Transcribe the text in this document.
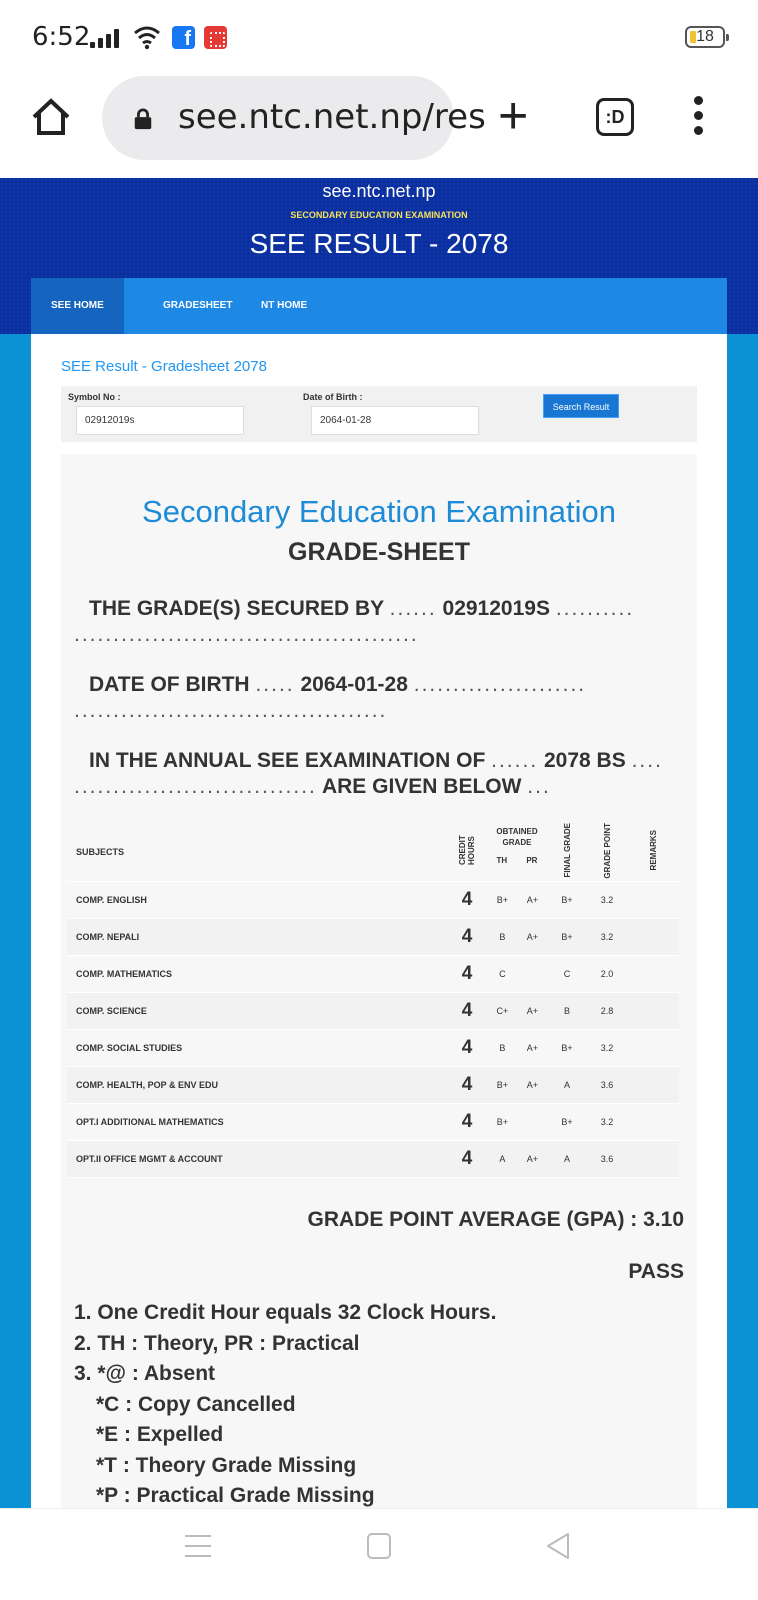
6:52	f	18
see.ntc.net.np/res +	:D
see.ntc.net.np
SECONDARY EDUCATION EXAMINATION
SEE RESULT - 2078
SEE HOME	GRADESHEET	NT HOME
SEE Result - Gradesheet 2078
Symbol No :
02912019s
Date of Birth :
2064-01-28
Search Result
Secondary Education Examination
GRADE-SHEET
THE GRADE(S) SECURED BY ...... 02912019S ..........
............................................
DATE OF BIRTH ..... 2064-01-28 ......................
........................................
IN THE ANNUAL SEE EXAMINATION OF ...... 2078 BS ....
............................... ARE GIVEN BELOW ...
SUBJECTS	CREDIT HOURS	OBTAINED GRADE
TH PR		FINAL GRADE	GRADE POINT	REMARKS
COMP. ENGLISH	4	B+	A+	B+	3.2	
COMP. NEPALI	4	B	A+	B+	3.2	
COMP. MATHEMATICS	4	C		C	2.0	
COMP. SCIENCE	4	C+	A+	B	2.8	
COMP. SOCIAL STUDIES	4	B	A+	B+	3.2	
COMP. HEALTH, POP & ENV EDU	4	B+	A+	A	3.6	
OPT.I ADDITIONAL MATHEMATICS	4	B+		B+	3.2	
OPT.II OFFICE MGMT & ACCOUNT	4	A	A+	A	3.6	
GRADE POINT AVERAGE (GPA) : 3.10
PASS
1. One Credit Hour equals 32 Clock Hours.
2. TH : Theory, PR : Practical
3. *@ : Absent
*C : Copy Cancelled
*E : Expelled
*T : Theory Grade Missing
*P : Practical Grade Missing
